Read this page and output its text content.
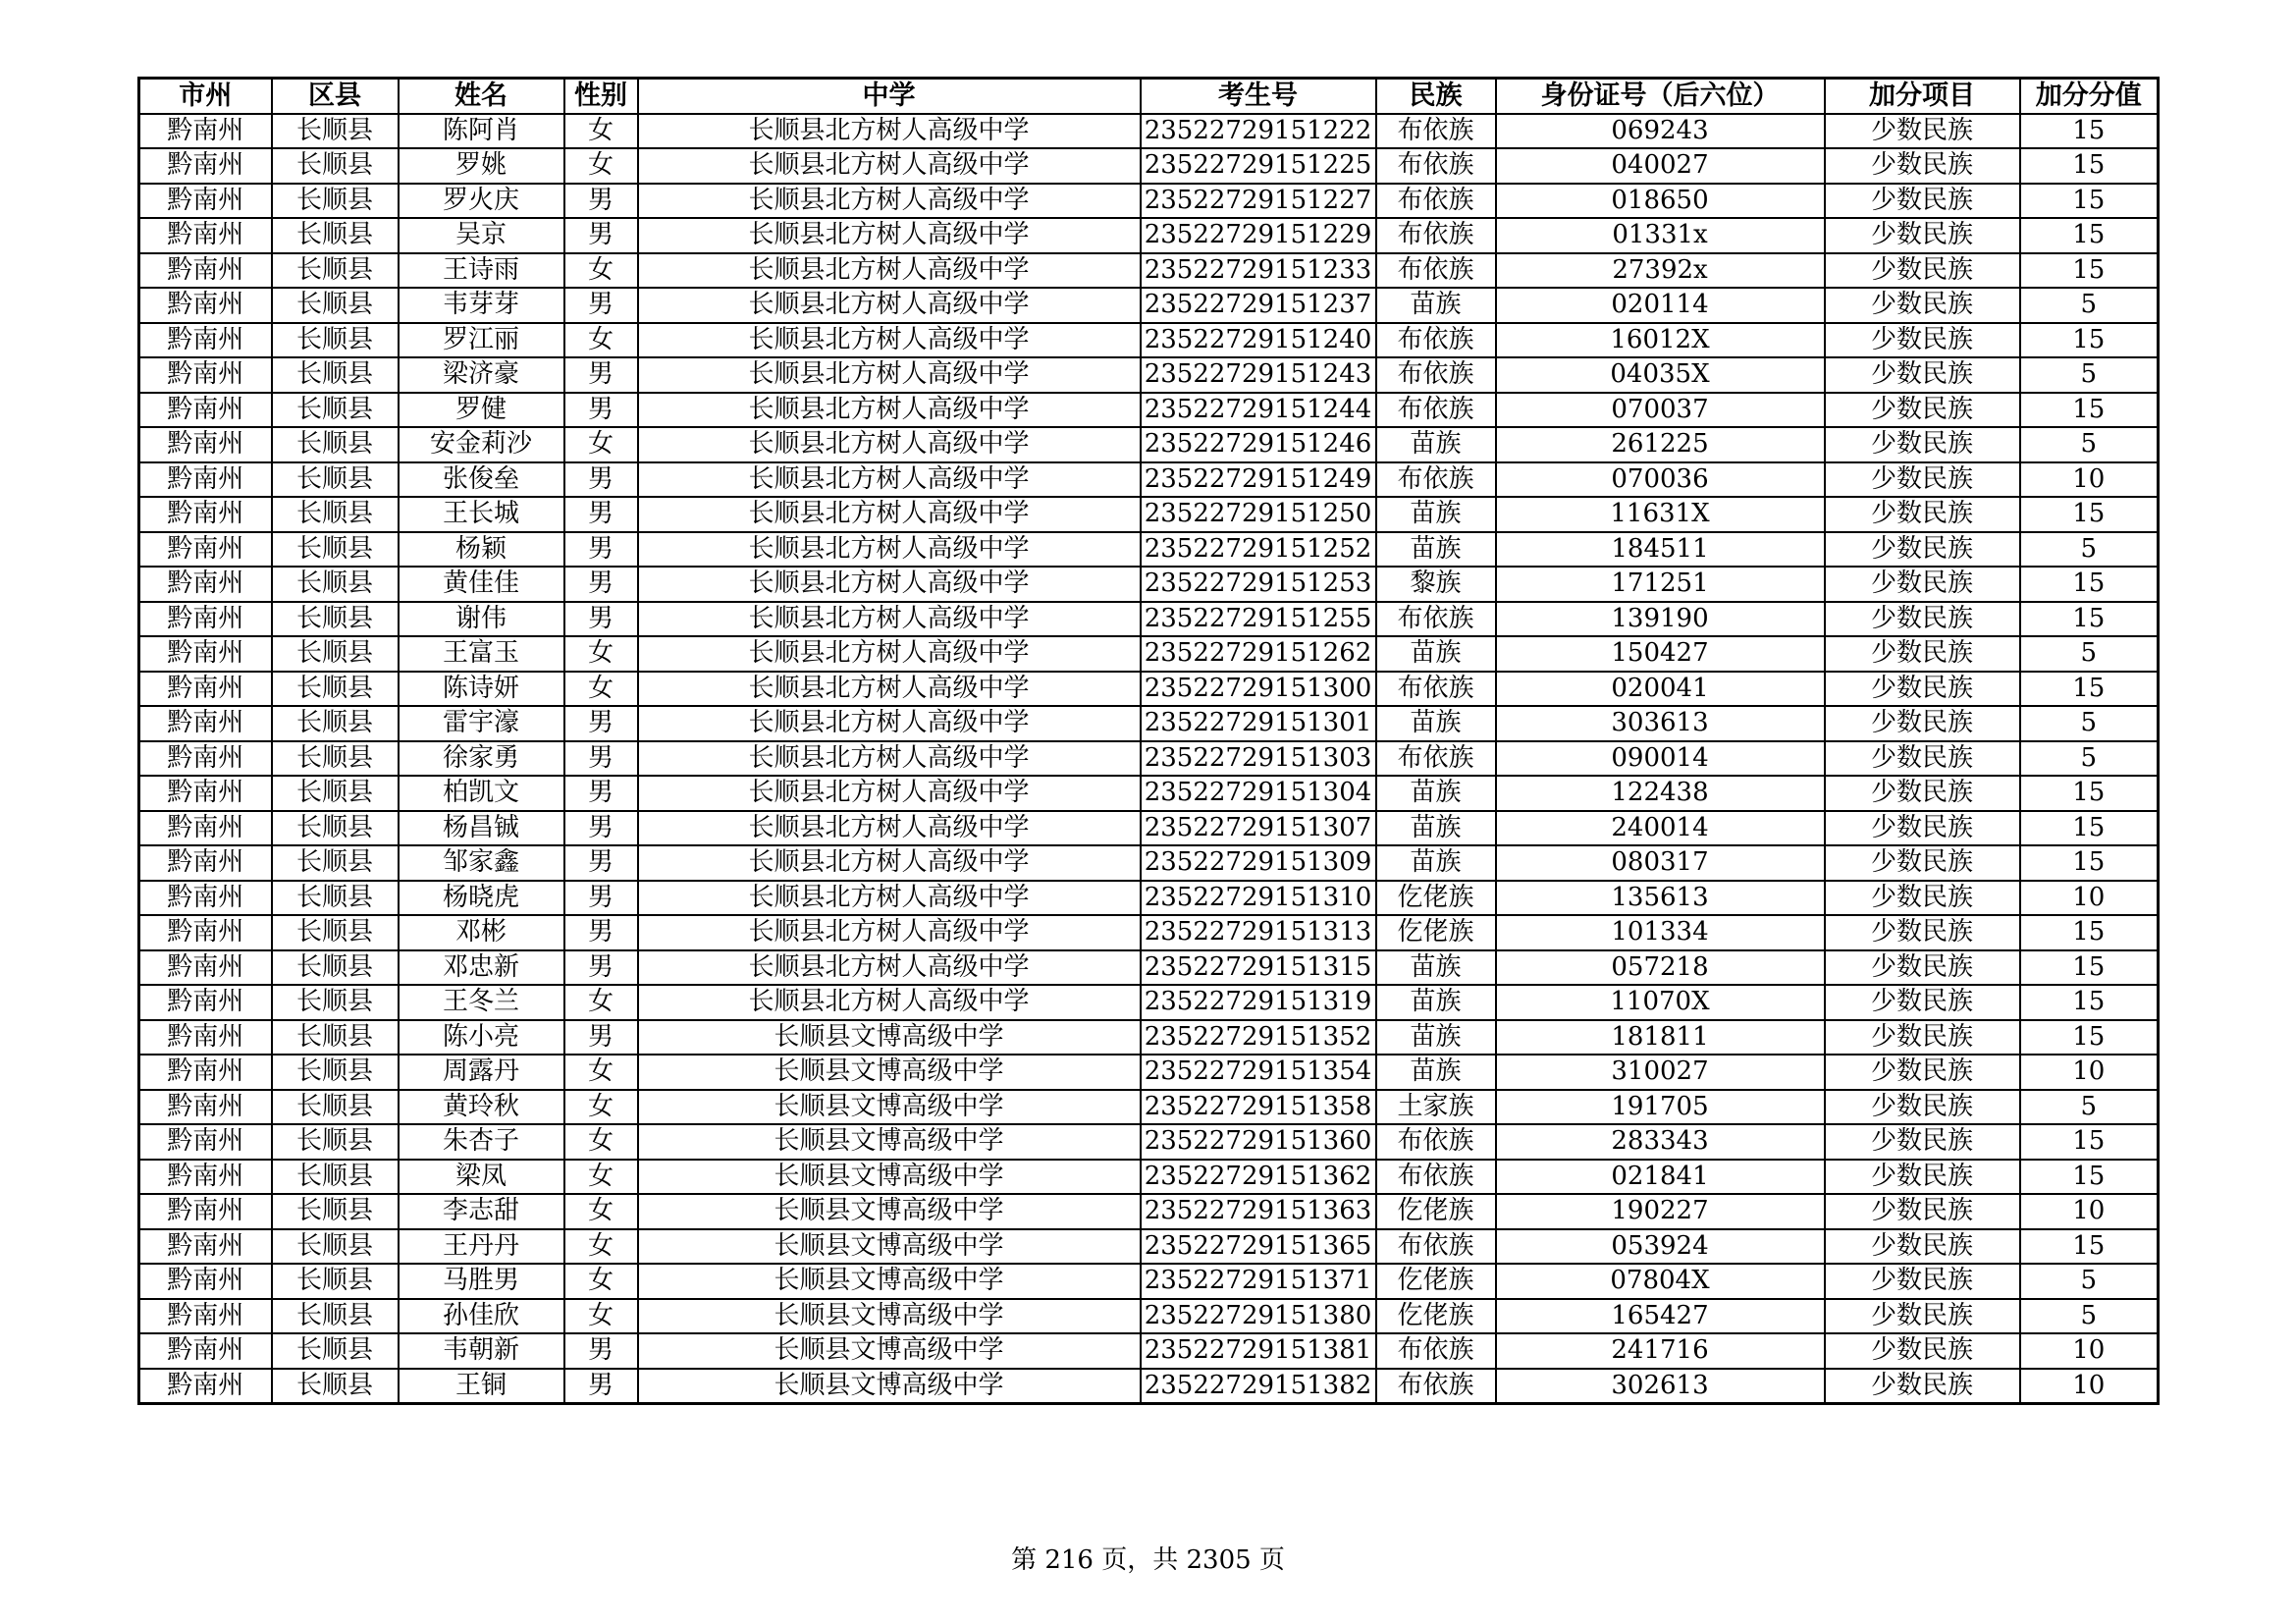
市州	区县	姓名	性别	中学	考生号	民族	身份证号（后六位）	加分项目	加分分值
黔南州	长顺县	陈阿肖	女	长顺县北方树人高级中学	23522729151222	布依族	069243	少数民族	15
黔南州	长顺县	罗姚	女	长顺县北方树人高级中学	23522729151225	布依族	040027	少数民族	15
黔南州	长顺县	罗火庆	男	长顺县北方树人高级中学	23522729151227	布依族	018650	少数民族	15
黔南州	长顺县	吴京	男	长顺县北方树人高级中学	23522729151229	布依族	01331x	少数民族	15
黔南州	长顺县	王诗雨	女	长顺县北方树人高级中学	23522729151233	布依族	27392x	少数民族	15
黔南州	长顺县	韦芽芽	男	长顺县北方树人高级中学	23522729151237	苗族	020114	少数民族	5
黔南州	长顺县	罗江丽	女	长顺县北方树人高级中学	23522729151240	布依族	16012X	少数民族	15
黔南州	长顺县	梁济豪	男	长顺县北方树人高级中学	23522729151243	布依族	04035X	少数民族	5
黔南州	长顺县	罗健	男	长顺县北方树人高级中学	23522729151244	布依族	070037	少数民族	15
黔南州	长顺县	安金莉沙	女	长顺县北方树人高级中学	23522729151246	苗族	261225	少数民族	5
黔南州	长顺县	张俊垒	男	长顺县北方树人高级中学	23522729151249	布依族	070036	少数民族	10
黔南州	长顺县	王长城	男	长顺县北方树人高级中学	23522729151250	苗族	11631X	少数民族	15
黔南州	长顺县	杨颖	男	长顺县北方树人高级中学	23522729151252	苗族	184511	少数民族	5
黔南州	长顺县	黄佳佳	男	长顺县北方树人高级中学	23522729151253	黎族	171251	少数民族	15
黔南州	长顺县	谢伟	男	长顺县北方树人高级中学	23522729151255	布依族	139190	少数民族	15
黔南州	长顺县	王富玉	女	长顺县北方树人高级中学	23522729151262	苗族	150427	少数民族	5
黔南州	长顺县	陈诗妍	女	长顺县北方树人高级中学	23522729151300	布依族	020041	少数民族	15
黔南州	长顺县	雷宇濠	男	长顺县北方树人高级中学	23522729151301	苗族	303613	少数民族	5
黔南州	长顺县	徐家勇	男	长顺县北方树人高级中学	23522729151303	布依族	090014	少数民族	5
黔南州	长顺县	柏凯文	男	长顺县北方树人高级中学	23522729151304	苗族	122438	少数民族	15
黔南州	长顺县	杨昌铖	男	长顺县北方树人高级中学	23522729151307	苗族	240014	少数民族	15
黔南州	长顺县	邹家鑫	男	长顺县北方树人高级中学	23522729151309	苗族	080317	少数民族	15
黔南州	长顺县	杨晓虎	男	长顺县北方树人高级中学	23522729151310	仡佬族	135613	少数民族	10
黔南州	长顺县	邓彬	男	长顺县北方树人高级中学	23522729151313	仡佬族	101334	少数民族	15
黔南州	长顺县	邓忠新	男	长顺县北方树人高级中学	23522729151315	苗族	057218	少数民族	15
黔南州	长顺县	王冬兰	女	长顺县北方树人高级中学	23522729151319	苗族	11070X	少数民族	15
黔南州	长顺县	陈小亮	男	长顺县文博高级中学	23522729151352	苗族	181811	少数民族	15
黔南州	长顺县	周露丹	女	长顺县文博高级中学	23522729151354	苗族	310027	少数民族	10
黔南州	长顺县	黄玲秋	女	长顺县文博高级中学	23522729151358	土家族	191705	少数民族	5
黔南州	长顺县	朱杏子	女	长顺县文博高级中学	23522729151360	布依族	283343	少数民族	15
黔南州	长顺县	梁凤	女	长顺县文博高级中学	23522729151362	布依族	021841	少数民族	15
黔南州	长顺县	李志甜	女	长顺县文博高级中学	23522729151363	仡佬族	190227	少数民族	10
黔南州	长顺县	王丹丹	女	长顺县文博高级中学	23522729151365	布依族	053924	少数民族	15
黔南州	长顺县	马胜男	女	长顺县文博高级中学	23522729151371	仡佬族	07804X	少数民族	5
黔南州	长顺县	孙佳欣	女	长顺县文博高级中学	23522729151380	仡佬族	165427	少数民族	5
黔南州	长顺县	韦朝新	男	长顺县文博高级中学	23522729151381	布依族	241716	少数民族	10
黔南州	长顺县	王铜	男	长顺县文博高级中学	23522729151382	布依族	302613	少数民族	10
第 216 页，共 2305 页
